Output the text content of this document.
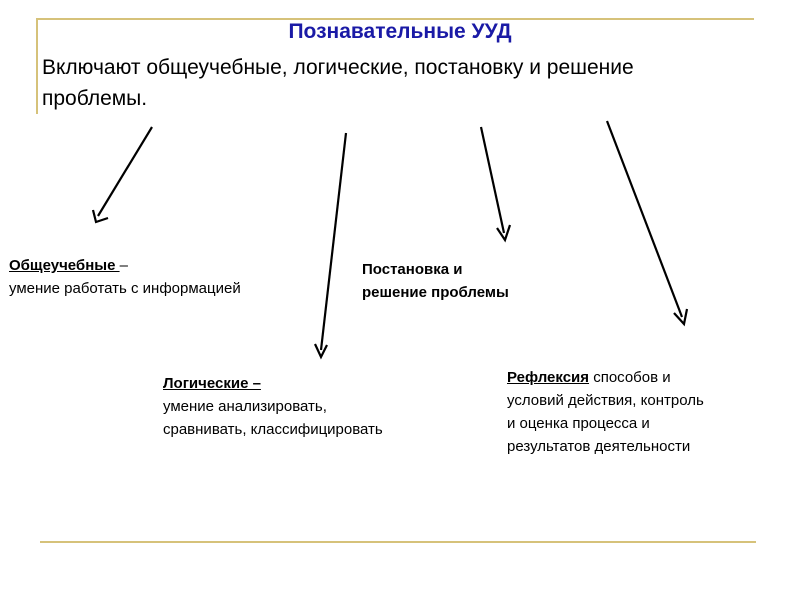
Познавательные УУД
Включают общеучебные, логические, постановку и решение проблемы.
Общеучебные –
умение работать с информацией
Логические –
умение анализировать,
сравнивать, классифицировать
Постановка и
решение проблемы
Рефлексия способов и
условий действия, контроль
и оценка процесса и
результатов деятельности
